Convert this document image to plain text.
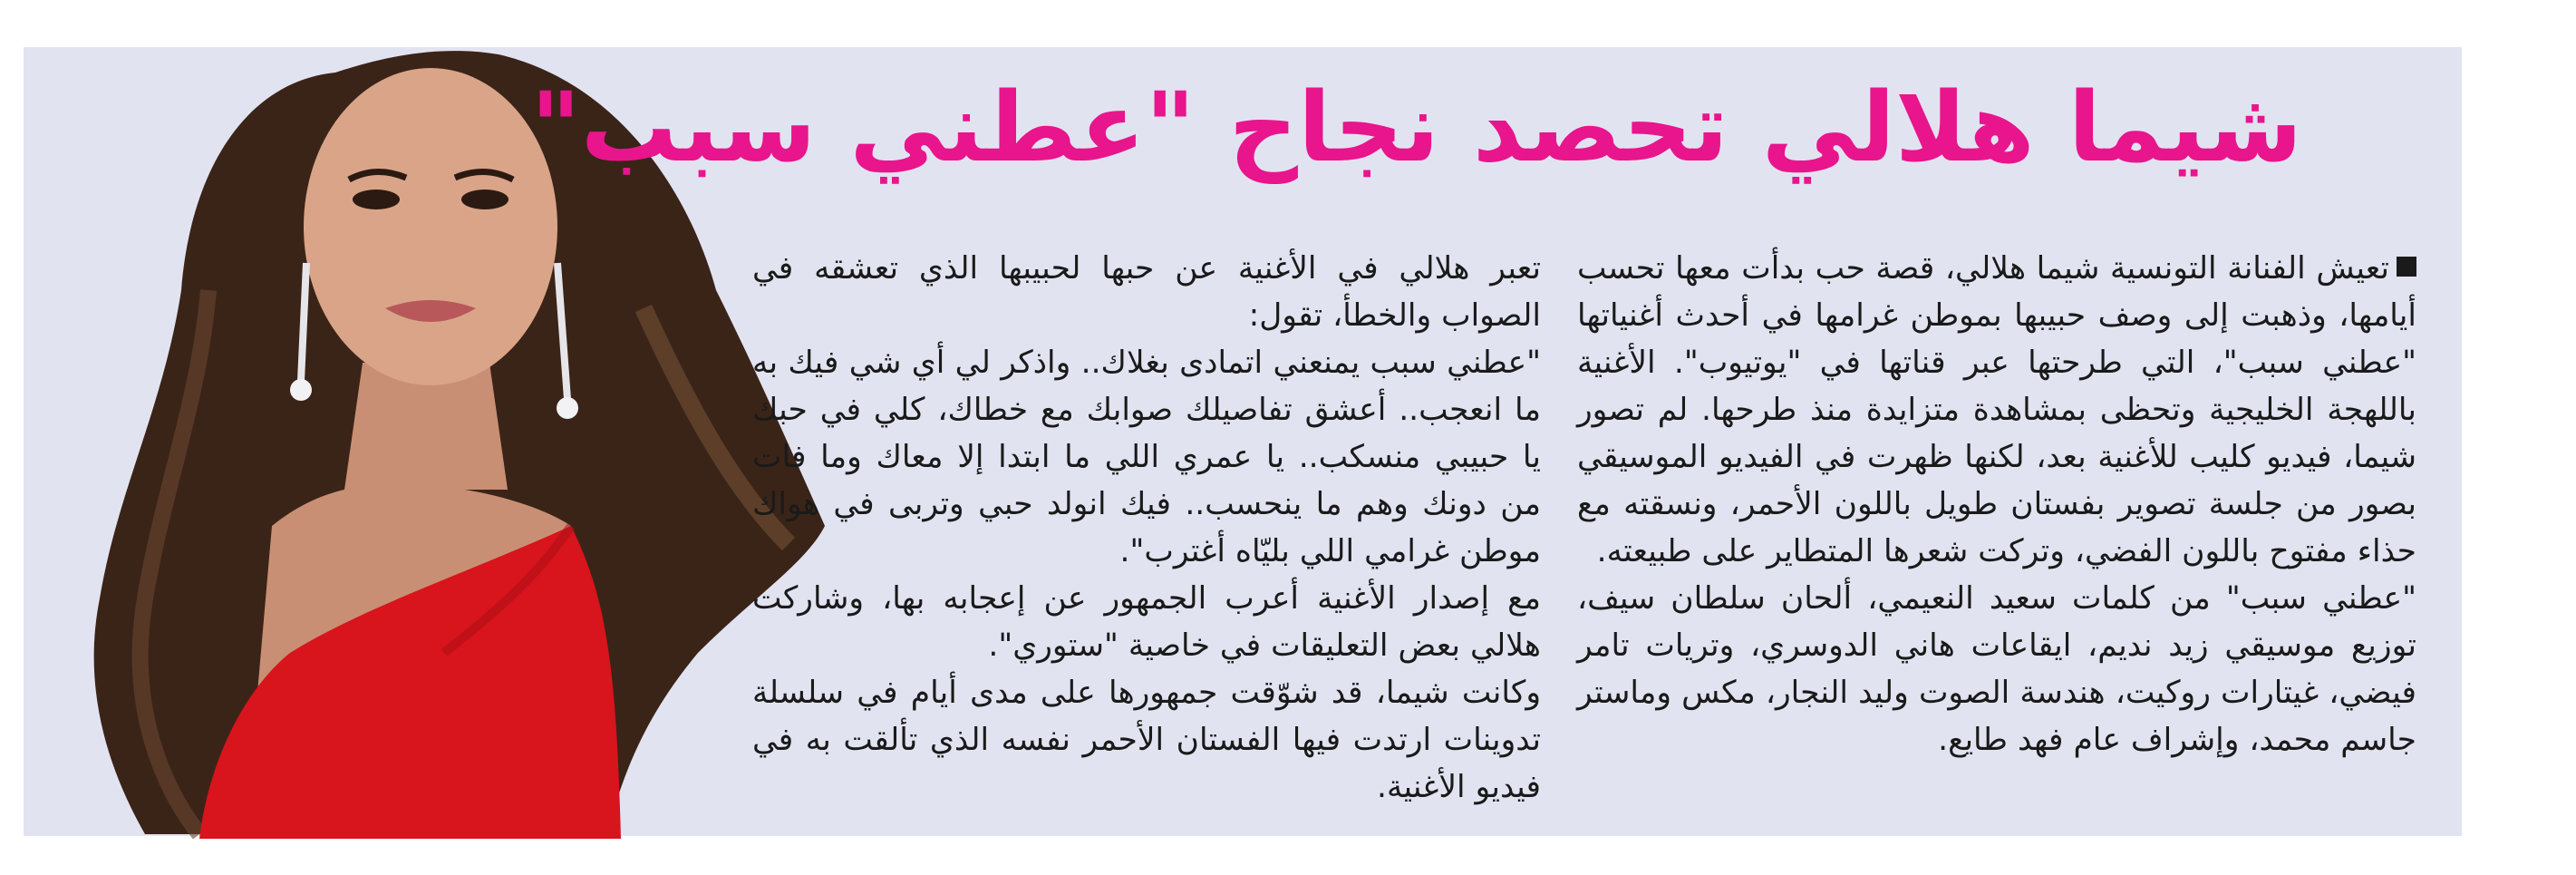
شيما هلالي تحصد نجاح "عطني سبب"
تعيش الفنانة التونسية شيما هلالي، قصة حب بدأت معها تحسب أيامها، وذهبت إلى وصف حبيبها بموطن غرامها في أحدث أغنياتها "عطني سبب"، التي طرحتها عبر قناتها في "يوتيوب". الأغنية باللهجة الخليجية وتحظى بمشاهدة متزايدة منذ طرحها. لم تصور شيما، فيديو كليب للأغنية بعد، لكنها ظهرت في الفيديو الموسيقي بصور من جلسة تصوير بفستان طويل باللون الأحمر، ونسقته مع حذاء مفتوح باللون الفضي، وتركت شعرها المتطاير على طبيعته.
"عطني سبب" من كلمات سعيد النعيمي، ألحان سلطان سيف، توزيع موسيقي زيد نديم، ايقاعات هاني الدوسري، وتريات تامر فيضي، غيتارات روكيت، هندسة الصوت وليد النجار، مكس وماستر جاسم محمد، وإشراف عام فهد طايع.
تعبر هلالي في الأغنية عن حبها لحبيبها الذي تعشقه في الصواب والخطأ، تقول:
"عطني سبب يمنعني اتمادى بغلاك.. واذكر لي أي شي فيك به ما انعجب.. أعشق تفاصيلك صوابك مع خطاك، كلي في حبك يا حبيبي منسكب.. يا عمري اللي ما ابتدا إلا معاك وما فات من دونك وهم ما ينحسب.. فيك انولد حبي وتربى في هواك موطن غرامي اللي بليّاه أغترب".
مع إصدار الأغنية أعرب الجمهور عن إعجابه بها، وشاركت هلالي بعض التعليقات في خاصية "ستوري".
وكانت شيما، قد شوّقت جمهورها على مدى أيام في سلسلة تدوينات ارتدت فيها الفستان الأحمر نفسه الذي تألقت به في فيديو الأغنية.
